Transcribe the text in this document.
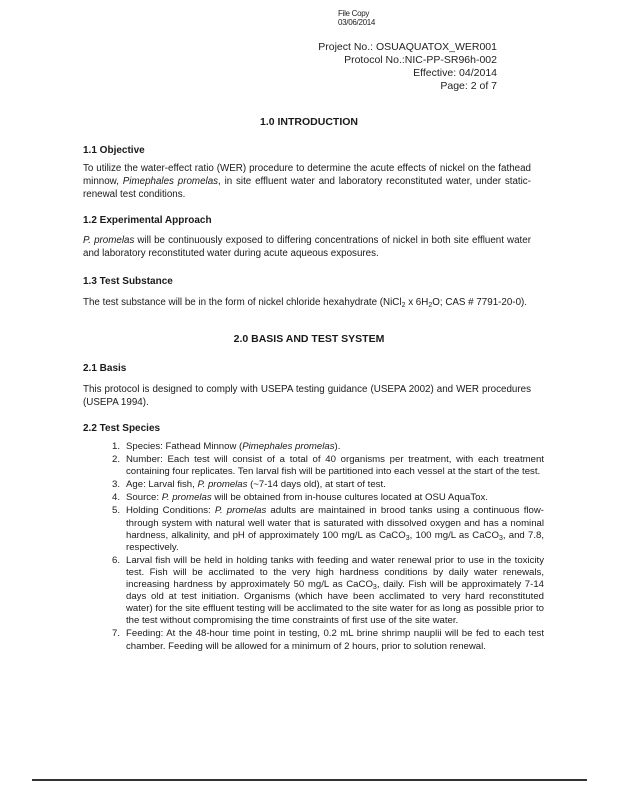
File Copy
03/06/2014
Project No.: OSUAQUATOX_WER001
Protocol No.:NIC-PP-SR96h-002
Effective: 04/2014
Page: 2 of 7
1.0 INTRODUCTION
1.1 Objective
To utilize the water-effect ratio (WER) procedure to determine the acute effects of nickel on the fathead minnow, Pimephales promelas, in site effluent water and laboratory reconstituted water, under static-renewal test conditions.
1.2 Experimental Approach
P. promelas will be continuously exposed to differing concentrations of nickel in both site effluent water and laboratory reconstituted water during acute aqueous exposures.
1.3 Test Substance
The test substance will be in the form of nickel chloride hexahydrate (NiCl$_2$ x $6H_2O$; CAS # 7791-20-0).
2.0 BASIS AND TEST SYSTEM
2.1 Basis
This protocol is designed to comply with USEPA testing guidance (USEPA 2002) and WER procedures (USEPA 1994).
2.2 Test Species
1. Species: Fathead Minnow (Pimephales promelas).
2. Number: Each test will consist of a total of 40 organisms per treatment, with each treatment containing four replicates. Ten larval fish will be partitioned into each vessel at the start of the test.
3. Age: Larval fish, P. promelas (~7-14 days old), at start of test.
4. Source: P. promelas will be obtained from in-house cultures located at OSU AquaTox.
5. Holding Conditions: P. promelas adults are maintained in brood tanks using a continuous flow-through system with natural well water that is saturated with dissolved oxygen and has a nominal hardness, alkalinity, and pH of approximately 100 mg/L as CaCO$_3$, 100 mg/L as CaCO$_3$, and 7.8, respectively.
6. Larval fish will be held in holding tanks with feeding and water renewal prior to use in the toxicity test. Fish will be acclimated to the very high hardness conditions by daily water renewals, increasing hardness by approximately 50 mg/L as CaCO$_3$, daily. Fish will be approximately 7-14 days old at test initiation. Organisms (which have been acclimated to very hard reconstituted water) for the site effluent testing will be acclimated to the site water for as long as possible prior to the test without compromising the time constraints of first use of the site water.
7. Feeding: At the 48-hour time point in testing, 0.2 mL brine shrimp nauplii will be fed to each test chamber. Feeding will be allowed for a minimum of 2 hours, prior to solution renewal.
